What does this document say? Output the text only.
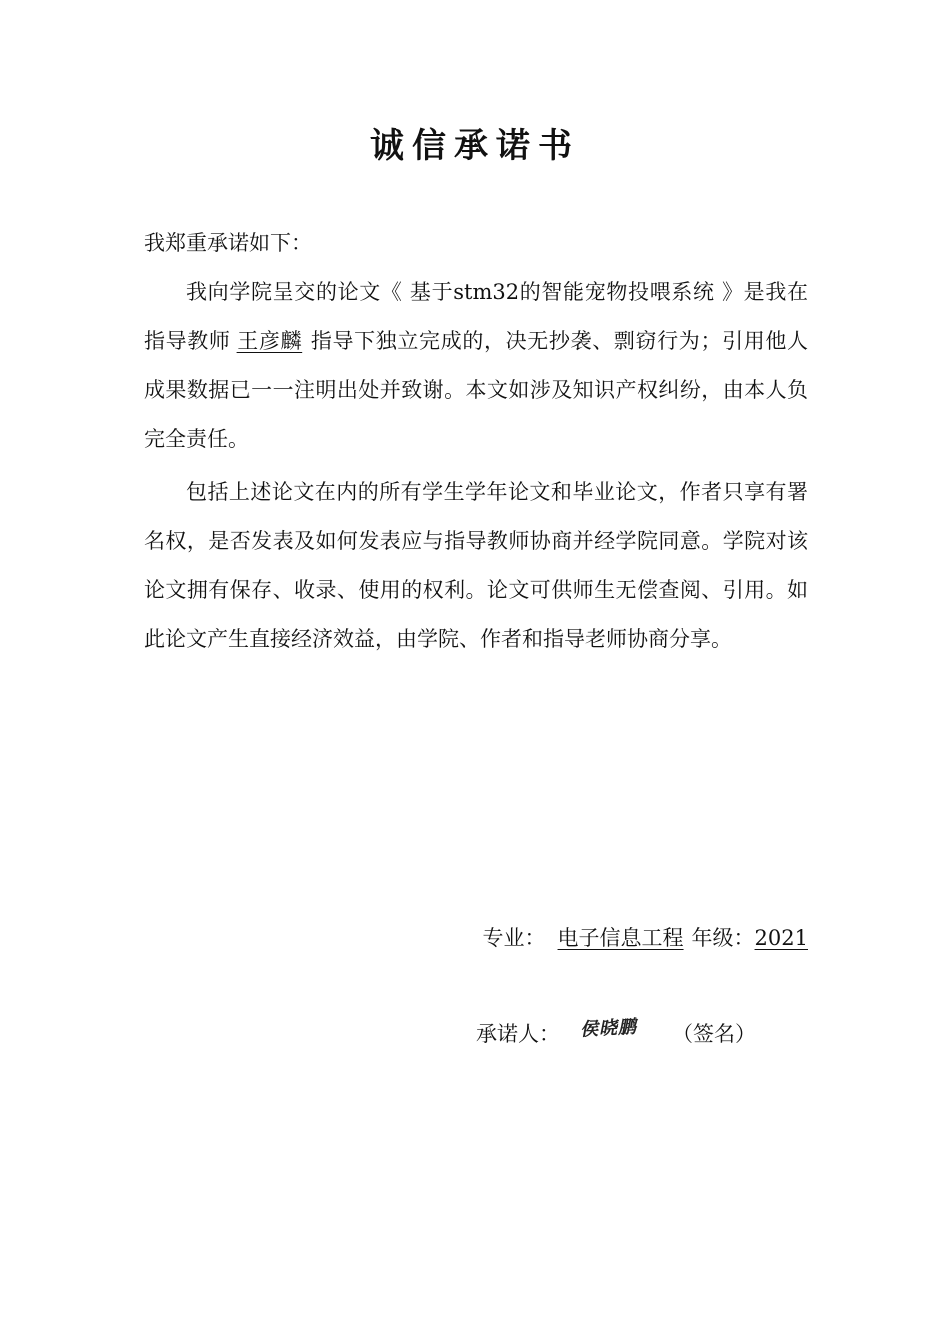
诚信承诺书
我郑重承诺如下：

我向学院呈交的论文《 基于stm32的智能宠物投喂系统 》是我在指导教师 王彦麟 指导下独立完成的，决无抄袭、剽窃行为；引用他人成果数据已一一注明出处并致谢。本文如涉及知识产权纠纷，由本人负完全责任。

包括上述论文在内的所有学生学年论文和毕业论文，作者只享有署名权，是否发表及如何发表应与指导教师协商并经学院同意。学院对该论文拥有保存、收录、使用的权利。论文可供师生无偿查阅、引用。如此论文产生直接经济效益，由学院、作者和指导老师协商分享。

专业： 电子信息工程 年级：2021
承诺人： 侯晓鹏 （签名）
